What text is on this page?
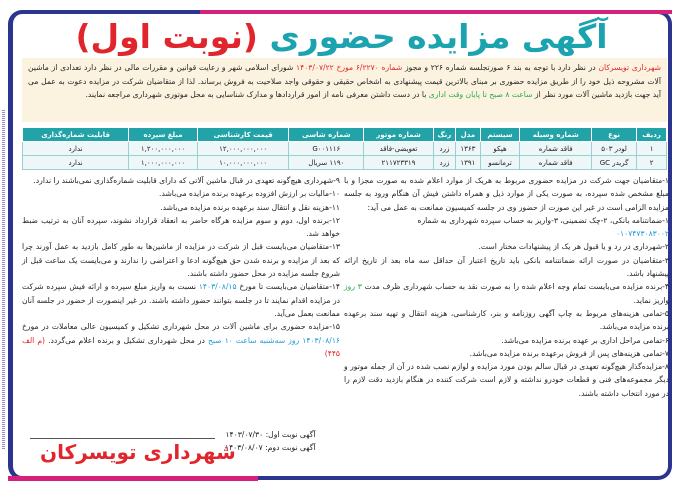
آگهی مزایده حضوری (نوبت اول)
شهرداری تویسرکان در نظر دارد با توجه به بند ۶ صورتجلسه شماره ۲۲۶ و مجوز شماره ۶/۲۲۷۰ مورخ ۱۴۰۳/۰۷/۲۲ شورای اسلامی شهر و رعایت قوانین و مقررات مالی در نظر دارد تعدادی از ماشین آلات مشروحه ذیل خود را از طریق مزایده حضوری بر مبنای بالاترین قیمت پیشنهادی به اشخاص حقیقی و حقوقی واجد صلاحیت به فروش برساند. لذا از متقاضیان شرکت در مزایده دعوت به عمل می آید جهت بازدید ماشین آلات مورد نظر از ساعت ۸ صبح تا پایان وقت اداری با در دست داشتن معرفی نامه از امور قراردادها و مدارک شناسایی به محل موتوری شهرداری مراجعه نمایند.
ردیف	نوع	شماره وسیله	سیستم	مدل	رنگ	شماره موتور	شماره شاسی	قیمت کارشناسی	مبلغ سپرده	قابلیت شماره‌گذاری
۱	لودر ۵۰۳	فاقد شماره	هپکو	۱۳۶۳	زرد	تعویضی-فاقد	G۰۰۱۱۱۶	۱۲,۰۰۰,۰۰۰,۰۰۰	۱,۲۰۰,۰۰۰,۰۰۰	ندارد
۲	گریدر GC	فاقد شماره	ترمانسو	۱۳۹۱	زرد	۲۱۱۷۲۳۳۱۹	۱۱۹۰ سریال	۱۰,۰۰۰,۰۰۰,۰۰۰	۱,۰۰۰,۰۰۰,۰۰۰	ندارد
۱-متقاضیان جهت شرکت در مزایده حضوری مربوط به هریک از موارد اعلام شده به صورت مجزا و با مبلغ مشخص شده سپرده، به صورت یکی از موارد ذیل و همراه داشتن فیش آن هنگام ورود به جلسه مزایده الزامی است در غیر این صورت از حضور وی در جلسه کمیسیون ممانعت به عمل می آید:
۱-ضمانتنامه بانکی، ۲-چک تضمینی، ۳-واریز به حساب سپرده شهرداری به شماره
۰۱۰۷۴۷۳۰۸۳۰۰۲
۲-شهرداری در رد و یا قبول هر یک از پیشنهادات مختار است.
۳-متقاضیان در صورت ارائه ضمانتنامه بانکی باید تاریخ اعتبار آن حداقل سه ماه بعد از تاریخ ارائه پیشنهاد باشد.
۴-برنده مزایده می‌بایست تمام وجه اعلام شده را به صورت نقد به حساب شهرداری ظرف مدت ۳ روز واریز نماید.
۵-تمامی هزینه‌های مربوط به چاپ آگهی روزنامه و بنر، کارشناسی، هزینه انتقال و تهیه سند برعهده برنده مزایده می‌باشد.
۶-تمامی مراحل اداری بر عهده برنده مزایده می‌باشد.
۷-تمامی هزینه‌های پس از فروش برعهده برنده مزایده می‌باشد.
۸-مزایده‌گذار هیچ‌گونه تعهدی در قبال سالم بودن مورد مزایده و لوازم نصب شده در آن از جمله موتور و دیگر مجموعه‌های فنی و قطعات خودرو نداشته و لازم است شرکت کننده در هنگام بازدید دقت لازم را در مورد انتخاب داشته باشند.
۹-شهرداری هیچ‌گونه تعهدی در قبال ماشین آلاتی که دارای قابلیت شماره‌گذاری نمی‌باشند را ندارد.
۱۰-مالیات بر ارزش افزوده برعهده برنده مزایده می‌باشد.
۱۱-هزینه نقل و انتقال سند برعهده برنده مزایده می‌باشد.
۱۲-برنده اول، دوم و سوم مزایده هرگاه حاضر به انعقاد قرارداد نشوند، سپرده آنان به ترتیب ضبط خواهد شد.
۱۳-متقاضیان می‌بایست قبل از شرکت در مزایده از ماشین‌ها به طور کامل بازدید به عمل آورند چرا که بعد از مزایده و برنده شدن حق هیچ‌گونه ادعا و اعتراضی را ندارند و می‌بایست یک ساعت قبل از شروع جلسه مزایده در محل حضور داشته باشند.
۱۴-متقاضیان می‌بایست تا مورخ ۱۴۰۳/۰۸/۱۵ نسبت به واریز مبلغ سپرده و ارائه فیش سپرده شرکت در مزایده اقدام نمایند تا در جلسه بتوانند حضور داشته باشند. در غیر اینصورت از حضور در جلسه آنان ممانعت بعمل می‌آید.
۱۵-مزایده حضوری برای ماشین آلات در محل شهرداری تشکیل و کمیسیون عالی معاملات در مورخ ۱۴۰۳/۰۸/۱۶ روز سه‌شنبه ساعت ۱۰ صبح در محل شهرداری تشکیل و برنده اعلام می‌گردد. (م الف ۴۴۵)
آگهی نوبت اول: ۱۴۰۳/۰۷/۳۰
آگهی نوبت دوم: ۱۴۰۳/۰۸/۰۷
شهرداری تویسرکان
